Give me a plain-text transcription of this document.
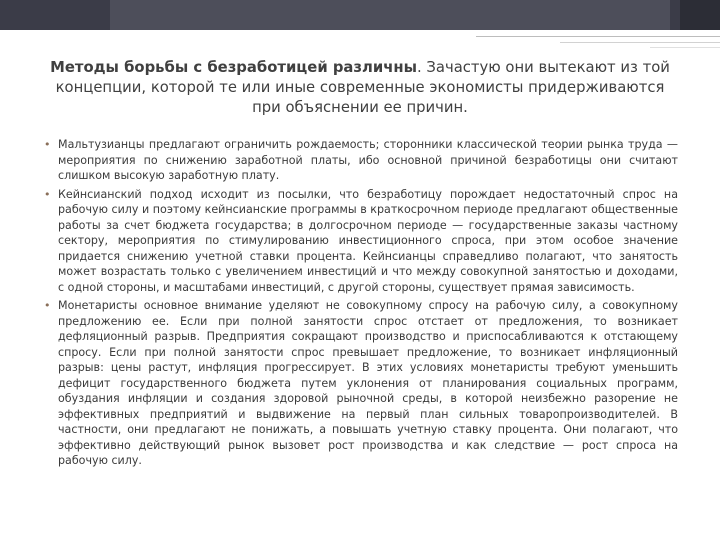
Методы борьбы с безработицей различны. Зачастую они вытекают из той концепции, которой те или иные современные экономисты придерживаются при объяснении ее причин.
• Мальтузианцы предлагают ограничить рождаемость; сторонники классической теории рынка труда — мероприятия по снижению заработной платы, ибо основной причиной безработицы они считают слишком высокую заработную плату.
• Кейнсианский подход исходит из посылки, что безработицу порождает недостаточный спрос на рабочую силу и поэтому кейнсианские программы в краткосрочном периоде предлагают общественные работы за счет бюджета государства; в долгосрочном периоде — государственные заказы частному сектору, мероприятия по стимулированию инвестиционного спроса, при этом особое значение придается снижению учетной ставки процента. Кейнсианцы справедливо полагают, что занятость может возрастать только с увеличением инвестиций и что между совокупной занятостью и доходами, с одной стороны, и масштабами инвестиций, с другой стороны, существует прямая зависимость.
• Монетаристы основное внимание уделяют не совокупному спросу на рабочую силу, а совокупному предложению ее. Если при полной занятости спрос отстает от предложения, то возникает дефляционный разрыв. Предприятия сокращают производство и приспосабливаются к отстающему спросу. Если при полной занятости спрос превышает предложение, то возникает инфляционный разрыв: цены растут, инфляция прогрессирует. В этих условиях монетаристы требуют уменьшить дефицит государственного бюджета путем уклонения от планирования социальных программ, обуздания инфляции и создания здоровой рыночной среды, в которой неизбежно разорение не эффективных предприятий и выдвижение на первый план сильных товаропроизводителей. В частности, они предлагают не понижать, а повышать учетную ставку процента. Они полагают, что эффективно действующий рынок вызовет рост производства и как следствие — рост спроса на рабочую силу.
